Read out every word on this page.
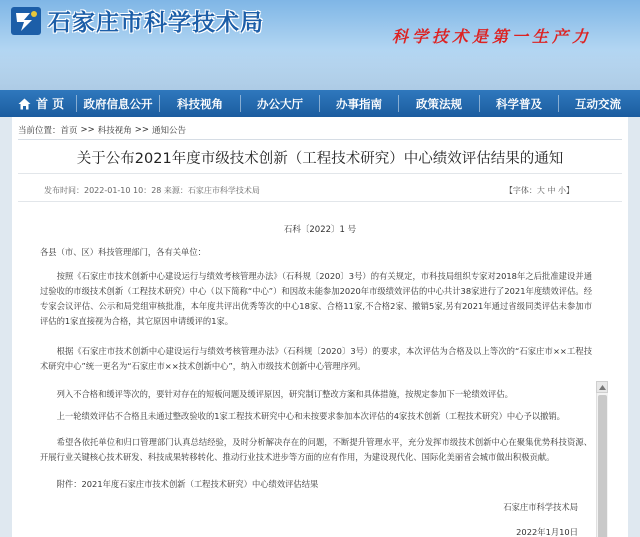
石家庄市科学技术局
科学技术是第一生产力
首 页	政府信息公开	科技视角	办公大厅	办事指南	政策法规	科学普及	互动交流
当前位置： 首页 >> 科技视角 >> 通知公告
关于公布2021年度市级技术创新（工程技术研究）中心绩效评估结果的通知
发布时间：2022-01-10 10：28 来源：石家庄市科学技术局	【字体：大 中 小】
石科〔2022〕1 号
各县（市、区）科技管理部门，各有关单位：
按照《石家庄市技术创新中心建设运行与绩效考核管理办法》（石科规〔2020〕3号）的有关规定，市科技局组织专家对2018年之后批准建设并通过验收的市级技术创新（工程技术研究）中心（以下简称“中心”）和因故未能参加2020年市级绩效评估的中心共计38家进行了2021年度绩效评估。经专家会议评估、公示和局党组审核批准，本年度共评出优秀等次的中心18家、合格11家,不合格2家、撤销5家,另有2021年通过省级同类评估未参加市评估的1家直接视为合格，其它原因申请缓评的1家。
根据《石家庄市技术创新中心建设运行与绩效考核管理办法》（石科规〔2020〕3号）的要求，本次评估为合格及以上等次的“石家庄市××工程技术研究中心”统一更名为“石家庄市××技术创新中心”，纳入市级技术创新中心管理序列。
列入不合格和缓评等次的，要针对存在的短板问题及缓评原因，研究制订整改方案和具体措施，按规定参加下一轮绩效评估。
上一轮绩效评估不合格且未通过整改验收的1家工程技术研究中心和未按要求参加本次评估的4家技术创新（工程技术研究）中心予以撤销。
希望各依托单位和归口管理部门认真总结经验，及时分析解决存在的问题，不断提升管理水平，充分发挥市级技术创新中心在聚集优势科技资源、开展行业关键核心技术研发、科技成果转移转化、推动行业技术进步等方面的应有作用，为建设现代化、国际化美丽省会城市做出积极贡献。
附件：2021年度石家庄市技术创新（工程技术研究）中心绩效评估结果
石家庄市科学技术局
2022年1月10日
